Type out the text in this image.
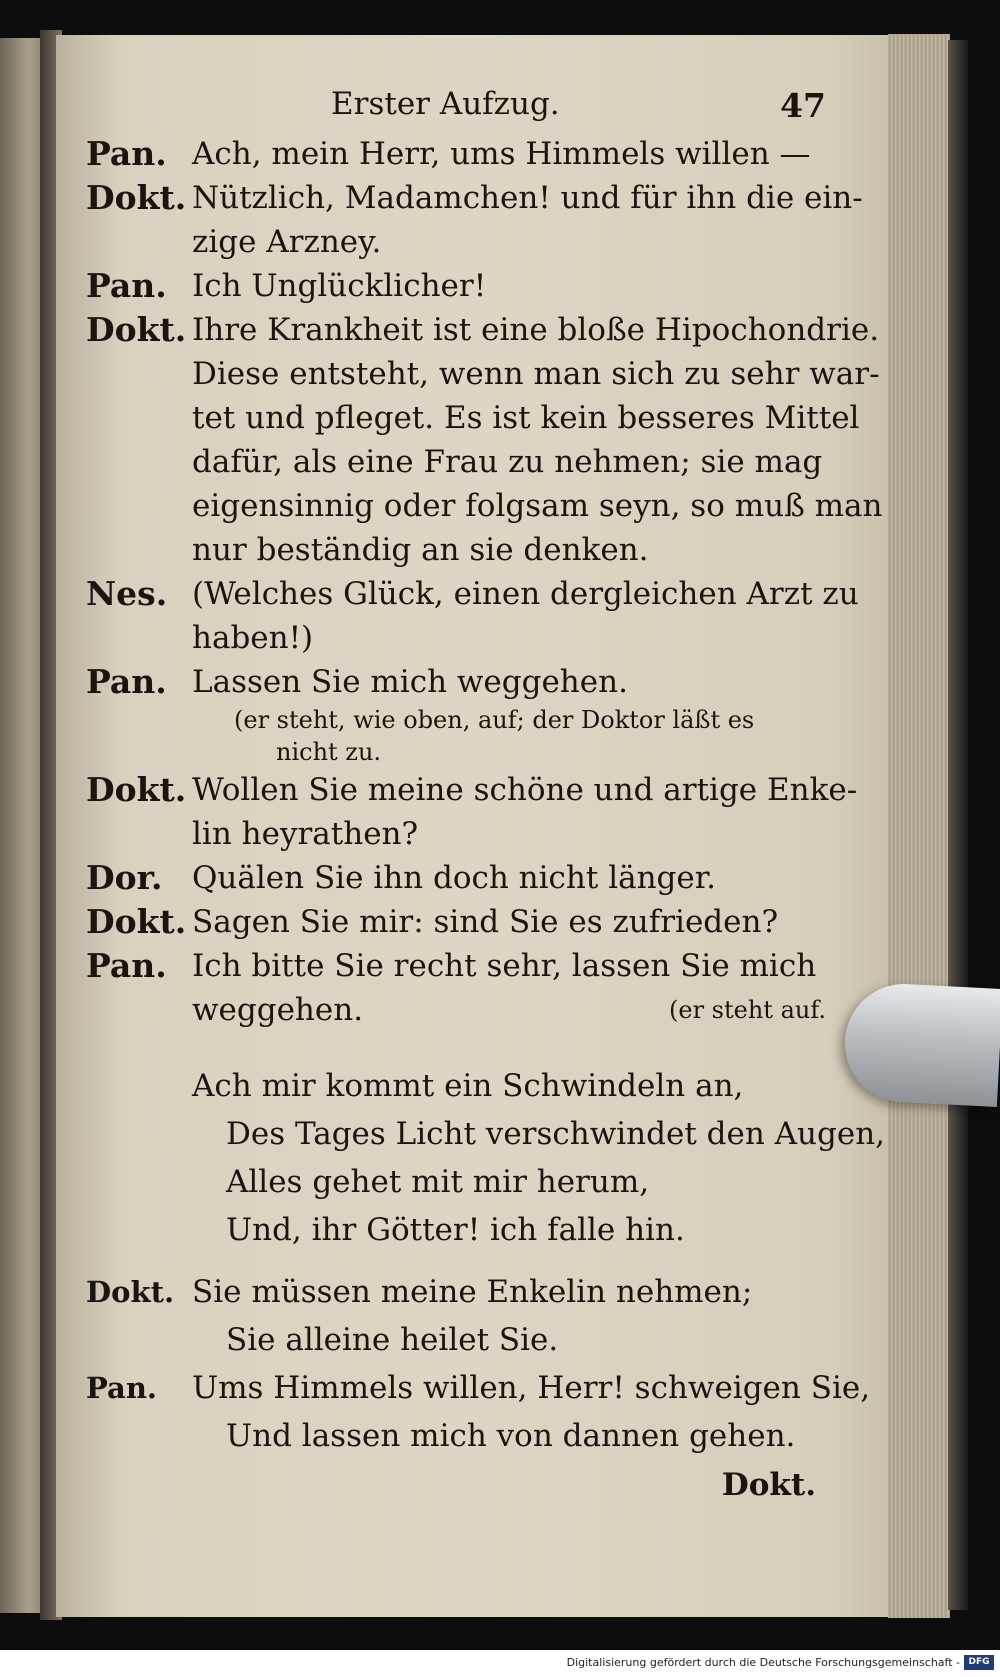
Erster Aufzug.	47
Pan. Ach, mein Herr, ums Himmels willen —
Dokt. Nützlich, Madamchen! und für ihn die ein-
zige Arzney.
Pan. Ich Unglücklicher!
Dokt. Ihre Krankheit ist eine bloße Hipochondrie.
Diese entsteht, wenn man sich zu sehr war-
tet und pfleget. Es ist kein besseres Mittel
dafür, als eine Frau zu nehmen; sie mag
eigensinnig oder folgsam seyn, so muß man
nur beständig an sie denken.
Nes. (Welches Glück, einen dergleichen Arzt zu
haben!)
Pan. Lassen Sie mich weggehen.
(er steht, wie oben, auf; der Doktor läßt es
nicht zu.
Dokt. Wollen Sie meine schöne und artige Enke-
lin heyrathen?
Dor. Quälen Sie ihn doch nicht länger.
Dokt. Sagen Sie mir: sind Sie es zufrieden?
Pan. Ich bitte Sie recht sehr, lassen Sie mich
weggehen.	(er steht auf.
Ach mir kommt ein Schwindeln an,
Des Tages Licht verschwindet den Augen,
Alles gehet mit mir herum,
Und, ihr Götter! ich falle hin.
Dokt. Sie müssen meine Enkelin nehmen;
Sie alleine heilet Sie.
Pan. Ums Himmels willen, Herr! schweigen Sie,
Und lassen mich von dannen gehen.
Dokt.
Digitalisierung gefördert durch die Deutsche Forschungsgemeinschaft - DFG
